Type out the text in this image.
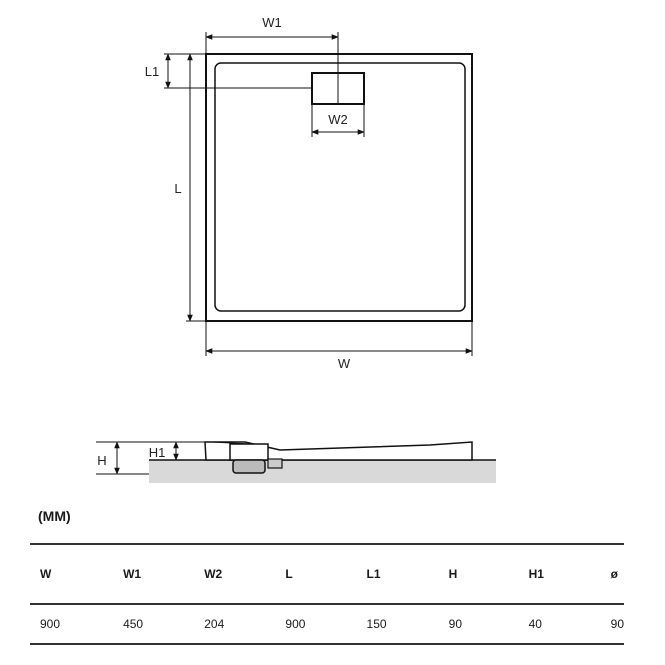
W1
L1
W2
L
W
H
H1
(MM)
W	W1	W2	L	L1	H	H1	ø
900	450	204	900	150	90	40	90
